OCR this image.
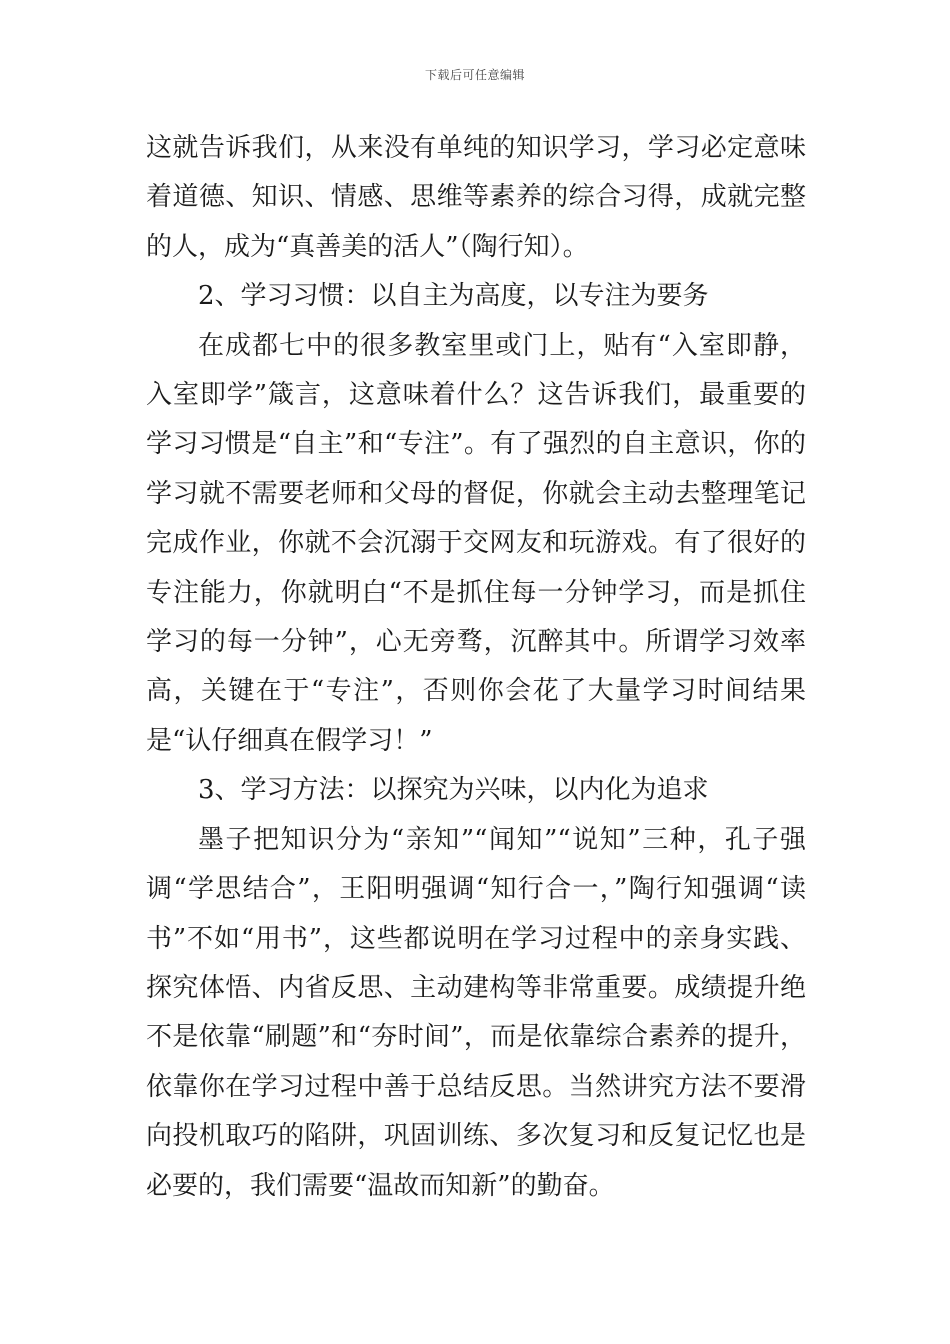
下载后可任意编辑

这就告诉我们，从来没有单纯的知识学习，学习必定意味着道德、知识、情感、思维等素养的综合习得，成就完整的人，成为“真善美的活人”（陶行知）。

2、学习习惯：以自主为高度，以专注为要务

在成都七中的很多教室里或门上，贴有“入室即静，入室即学”箴言，这意味着什么？这告诉我们，最重要的学习习惯是“自主”和“专注”。有了强烈的自主意识，你的学习就不需要老师和父母的督促，你就会主动去整理笔记完成作业，你就不会沉溺于交网友和玩游戏。有了很好的专注能力，你就明白“不是抓住每一分钟学习，而是抓住学习的每一分钟”，心无旁骛，沉醉其中。所谓学习效率高，关键在于“专注”，否则你会花了大量学习时间结果是“认仔细真在假学习！”

3、学习方法：以探究为兴味，以内化为追求

墨子把知识分为“亲知”“闻知”“说知”三种，孔子强调“学思结合”，王阳明强调“知行合一，”陶行知强调“读书”不如“用书”，这些都说明在学习过程中的亲身实践、探究体悟、内省反思、主动建构等非常重要。成绩提升绝不是依靠“刷题”和“夯时间”，而是依靠综合素养的提升，依靠你在学习过程中善于总结反思。当然讲究方法不要滑向投机取巧的陷阱，巩固训练、多次复习和反复记忆也是必要的，我们需要“温故而知新”的勤奋。
